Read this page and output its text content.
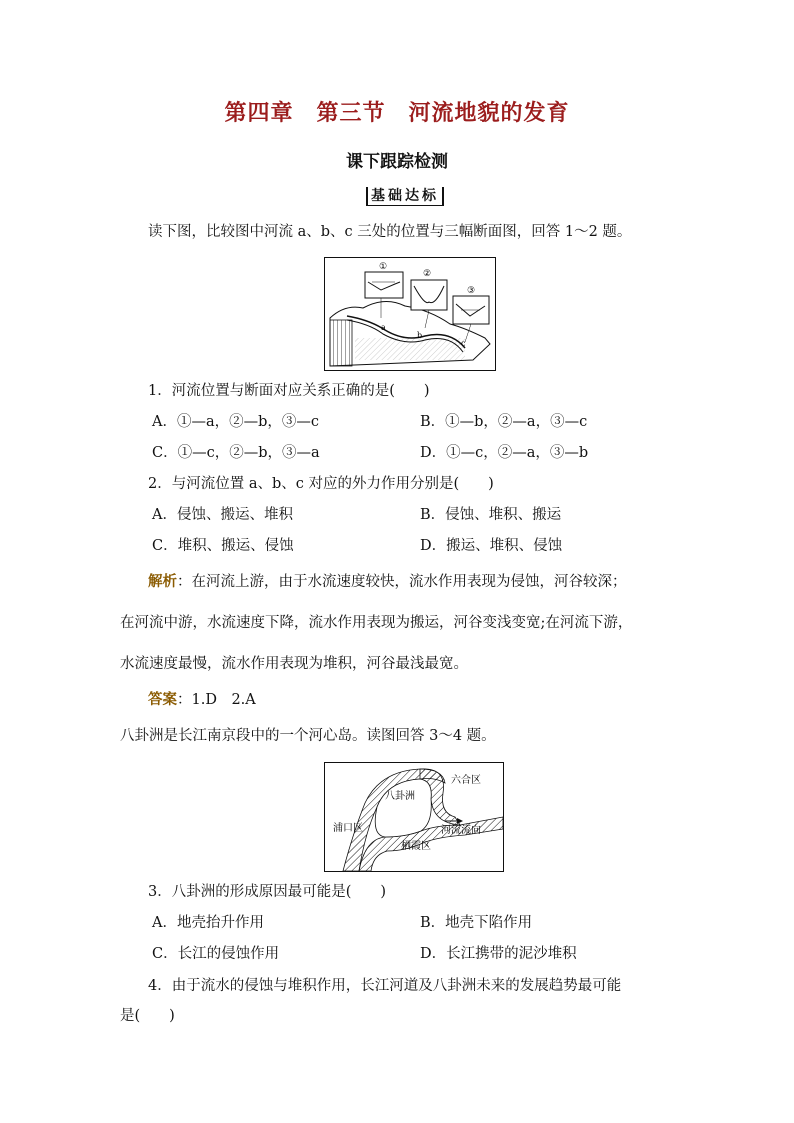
第四章　第三节　河流地貌的发育
课下跟踪检测
基础达标
读下图，比较图中河流 a、b、c 三处的位置与三幅断面图，回答 1～2 题。
①
②
③
a
b
c
1．河流位置与断面对应关系正确的是(　　)
A．①—a，②—b，③—c	B．①—b，②—a，③—c
C．①—c，②—b，③—a	D．①—c，②—a，③—b
2．与河流位置 a、b、c 对应的外力作用分别是(　　)
A．侵蚀、搬运、堆积	B．侵蚀、堆积、搬运
C．堆积、搬运、侵蚀	D．搬运、堆积、侵蚀
解析：在河流上游，由于水流速度较快，流水作用表现为侵蚀，河谷较深；
在河流中游，水流速度下降，流水作用表现为搬运，河谷变浅变宽;在河流下游，
水流速度最慢，流水作用表现为堆积，河谷最浅最宽。
答案：1.D　2.A
八卦洲是长江南京段中的一个河心岛。读图回答 3～4 题。
八卦洲
六合区
浦口区	河流流向
栖霞区
3．八卦洲的形成原因最可能是(　　)
A．地壳抬升作用	B．地壳下陷作用
C．长江的侵蚀作用	D．长江携带的泥沙堆积
4．由于流水的侵蚀与堆积作用，长江河道及八卦洲未来的发展趋势最可能
是(　　)
